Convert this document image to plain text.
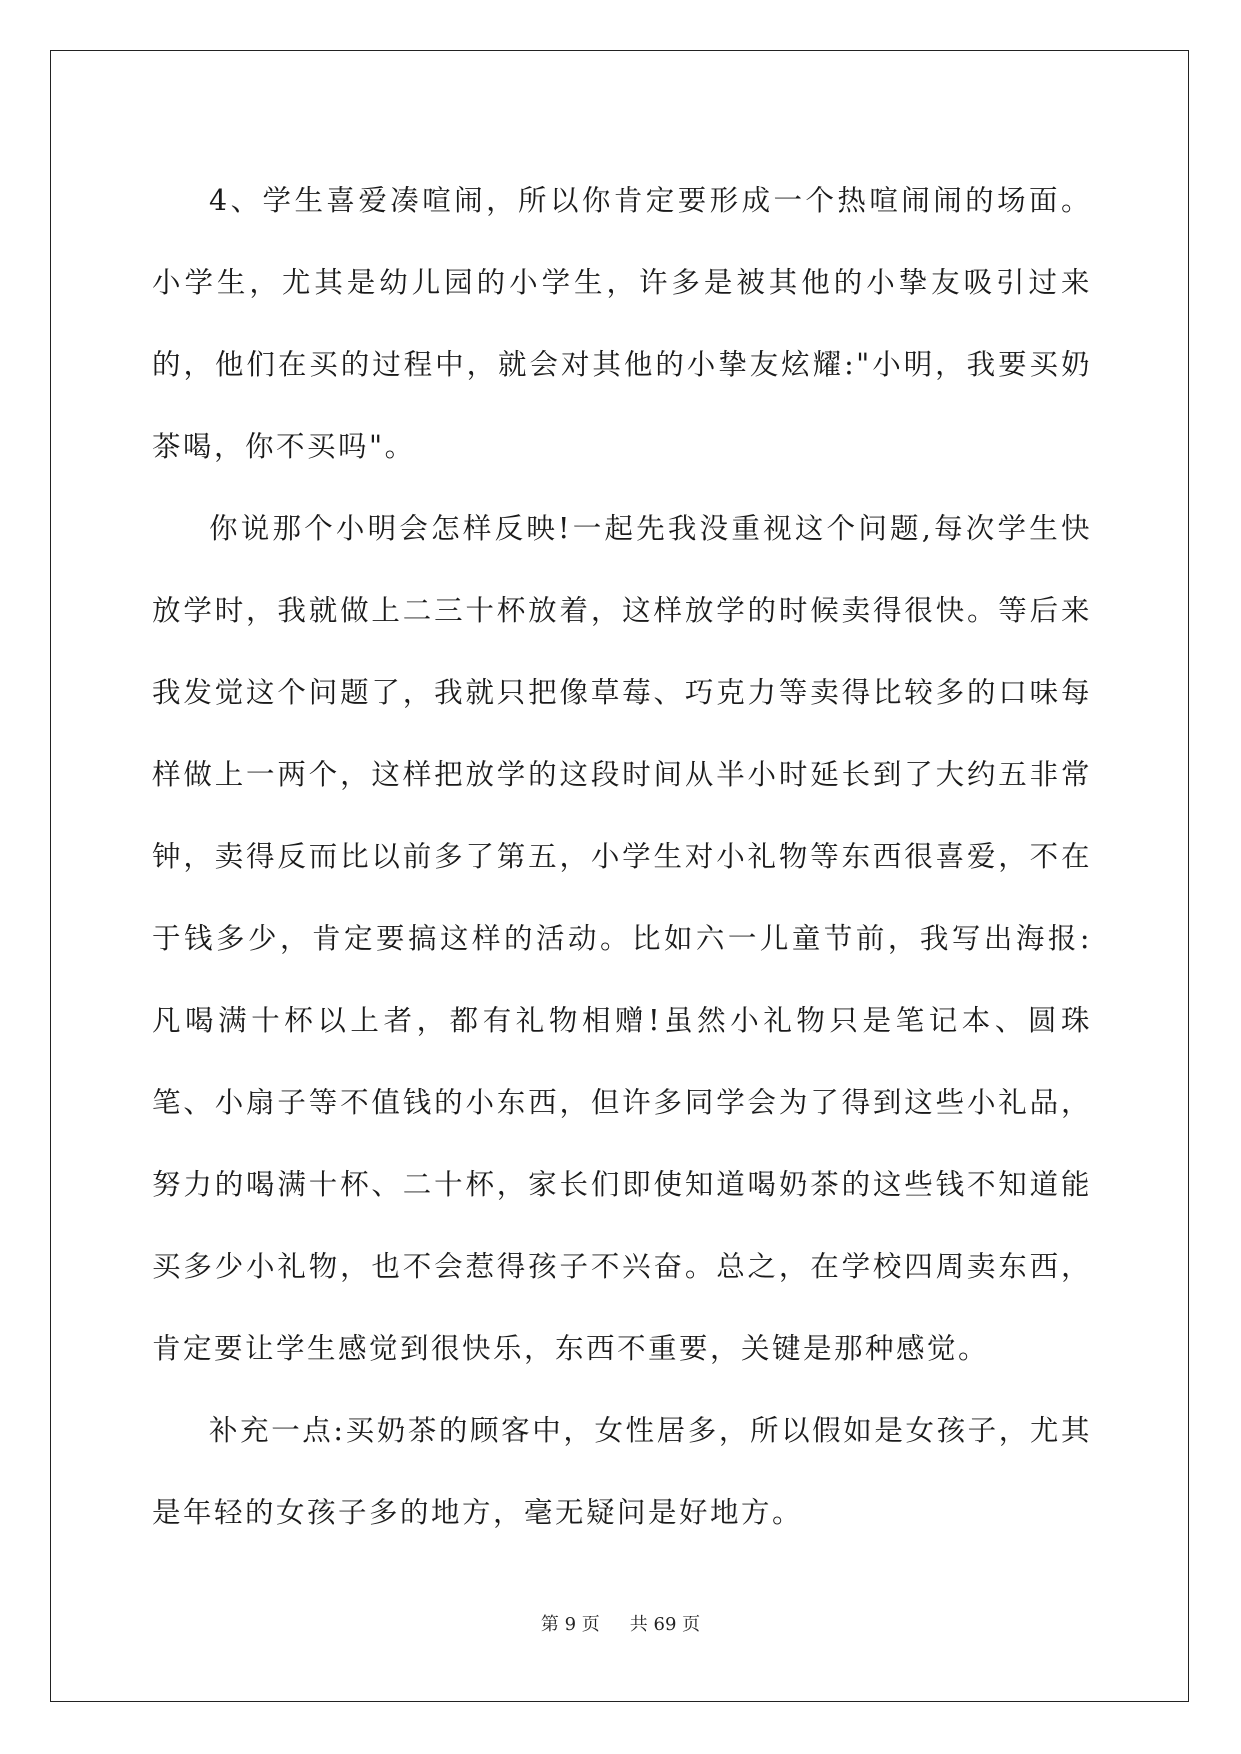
4、学生喜爱凑喧闹，所以你肯定要形成一个热喧闹闹的场面。小学生，尤其是幼儿园的小学生，许多是被其他的小挚友吸引过来的，他们在买的过程中，就会对其他的小挚友炫耀:"小明，我要买奶茶喝，你不买吗"。

你说那个小明会怎样反映!一起先我没重视这个问题,每次学生快放学时，我就做上二三十杯放着，这样放学的时候卖得很快。等后来我发觉这个问题了，我就只把像草莓、巧克力等卖得比较多的口味每样做上一两个，这样把放学的这段时间从半小时延长到了大约五非常钟，卖得反而比以前多了第五，小学生对小礼物等东西很喜爱，不在于钱多少，肯定要搞这样的活动。比如六一儿童节前，我写出海报:凡喝满十杯以上者，都有礼物相赠!虽然小礼物只是笔记本、圆珠笔、小扇子等不值钱的小东西，但许多同学会为了得到这些小礼品，努力的喝满十杯、二十杯，家长们即使知道喝奶茶的这些钱不知道能买多少小礼物，也不会惹得孩子不兴奋。总之，在学校四周卖东西，肯定要让学生感觉到很快乐，东西不重要，关键是那种感觉。

补充一点:买奶茶的顾客中，女性居多，所以假如是女孩子，尤其是年轻的女孩子多的地方，毫无疑问是好地方。

第 9 页 共 69 页
